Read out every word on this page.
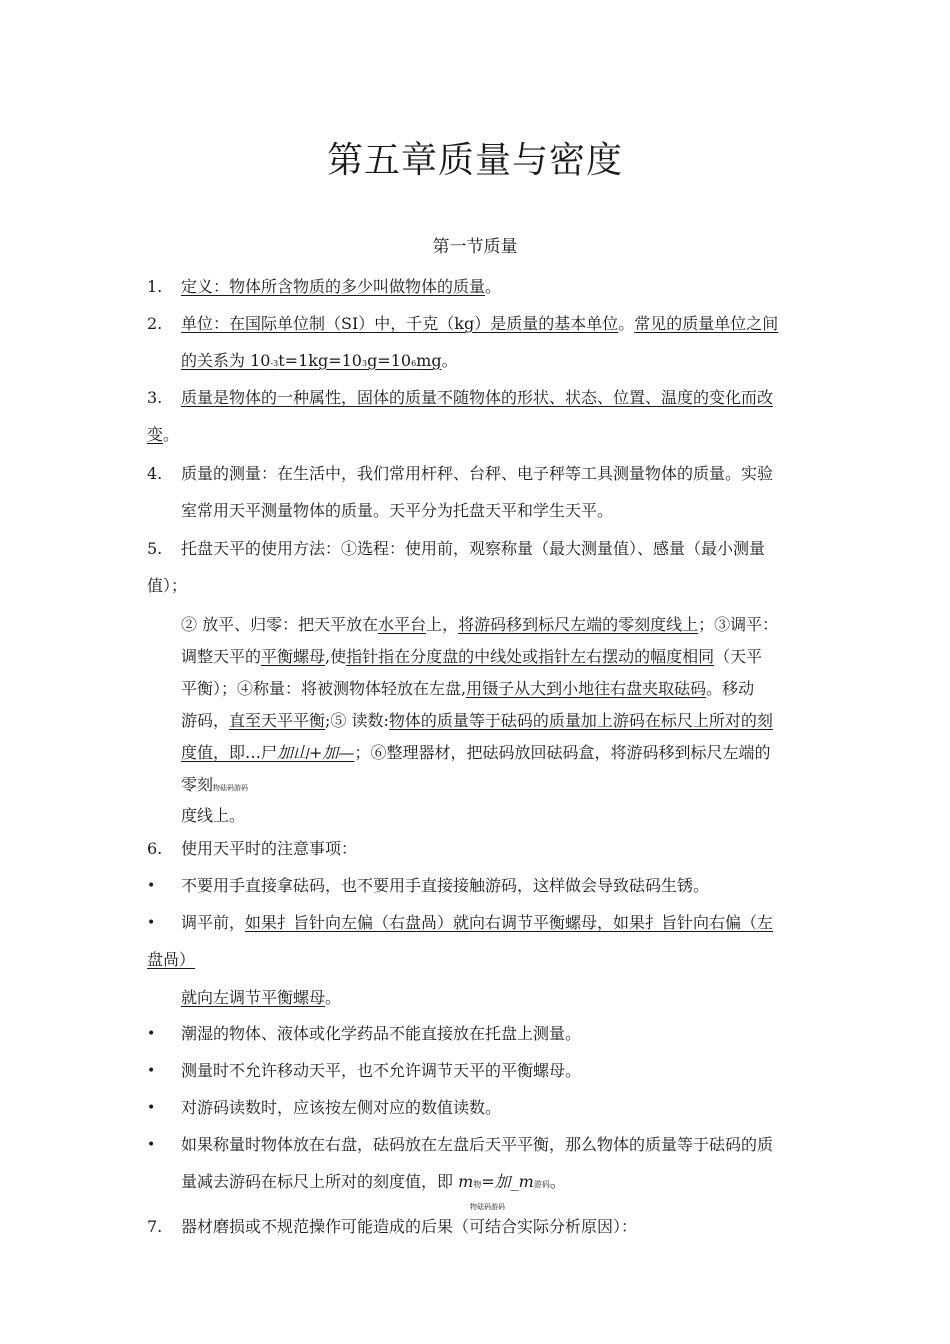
第五章质量与密度
第一节质量
1. 定义：物体所含物质的多少叫做物体的质量。
2. 单位：在国际单位制（SI）中，千克（kg）是质量的基本单位。常见的质量单位之间
的关系为 10-3t=1kg=103g=106mg。
3. 质量是物体的一种属性，固体的质量不随物体的形状、状态、位置、温度的变化而改
变。
4. 质量的测量：在生活中，我们常用杆秤、台秤、电子秤等工具测量物体的质量。实验
室常用天平测量物体的质量。天平分为托盘天平和学生天平。
5. 托盘天平的使用方法：①选程：使用前，观察称量（最大测量值）、感量（最小测量
值）；
② 放平、归零：把天平放在水平台上，将游码移到标尺左端的零刻度线上；③调平：
调整天平的平衡螺母,使指针指在分度盘的中线处或指针左右摆动的幅度相同（天平
平衡）；④称量：将被测物体轻放在左盘,用镊子从大到小地往右盘夹取砝码。移动
游码，直至天平平衡;⑤ 读数:物体的质量等于砝码的质量加上游码在标尺上所对的刻
度值，即…尸加山+加—；⑥整理器材，把砝码放回砝码盒，将游码移到标尺左端的
零刻物砝码游码
度线上。
6. 使用天平时的注意事项：
• 不要用手直接拿砝码，也不要用手直接接触游码，这样做会导致砝码生锈。
• 调平前，如果扌旨针向左偏（右盘咼）就向右调节平衡螺母，如果扌旨针向右偏（左
盘咼）
就向左调节平衡螺母。
• 潮湿的物体、液体或化学药品不能直接放在托盘上测量。
• 测量时不允许移动天平，也不允许调节天平的平衡螺母。
• 对游码读数时，应该按左侧对应的数值读数。
• 如果称量时物体放在右盘，砝码放在左盘后天平平衡，那么物体的质量等于砝码的质
量减去游码在标尺上所对的刻度值，即 m物=加_m游码。
物砝码游码
7. 器材磨损或不规范操作可能造成的后果（可结合实际分析原因）：
